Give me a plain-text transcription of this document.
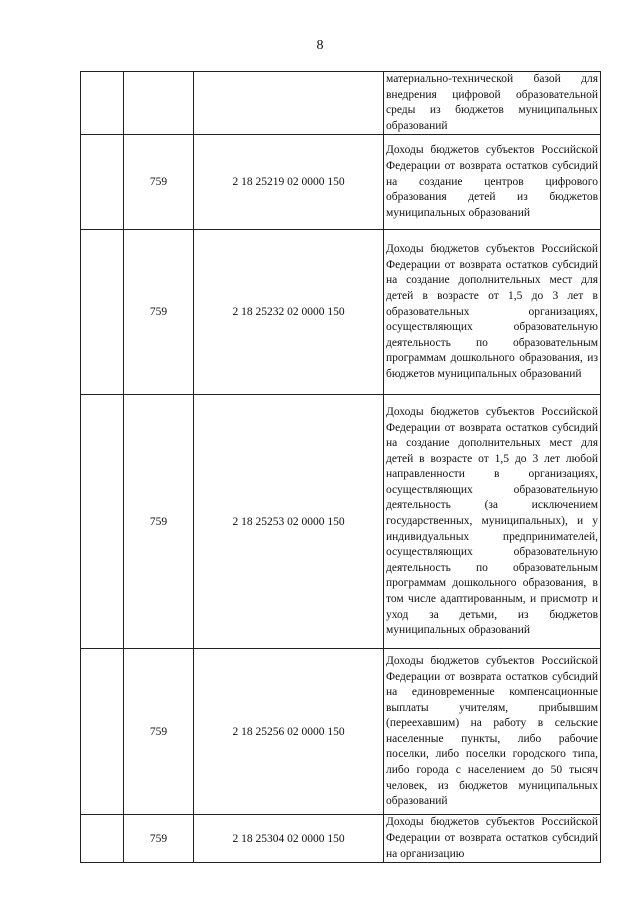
8

			материально-технической базой для внедрения цифровой образовательной среды из бюджетов муниципальных образований

	759	2 18 25219 02 0000 150	Доходы бюджетов субъектов Российской Федерации от возврата остатков субсидий на создание центров цифрового образования детей из бюджетов муниципальных образований

	759	2 18 25232 02 0000 150	Доходы бюджетов субъектов Российской Федерации от возврата остатков субсидий на создание дополнительных мест для детей в возрасте от 1,5 до 3 лет в образовательных организациях, осуществляющих образовательную деятельность по образовательным программам дошкольного образования, из бюджетов муниципальных образований

	759	2 18 25253 02 0000 150	Доходы бюджетов субъектов Российской Федерации от возврата остатков субсидий на создание дополнительных мест для детей в возрасте от 1,5 до 3 лет любой направленности в организациях, осуществляющих образовательную деятельность (за исключением государственных, муниципальных), и у индивидуальных предпринимателей, осуществляющих образовательную деятельность по образовательным программам дошкольного образования, в том числе адаптированным, и присмотр и уход за детьми, из бюджетов муниципальных образований

	759	2 18 25256 02 0000 150	Доходы бюджетов субъектов Российской Федерации от возврата остатков субсидий на единовременные компенсационные выплаты учителям, прибывшим (переехавшим) на работу в сельские населенные пункты, либо рабочие поселки, либо поселки городского типа, либо города с населением до 50 тысяч человек, из бюджетов муниципальных образований

	759	2 18 25304 02 0000 150	Доходы бюджетов субъектов Российской Федерации от возврата остатков субсидий на организацию
